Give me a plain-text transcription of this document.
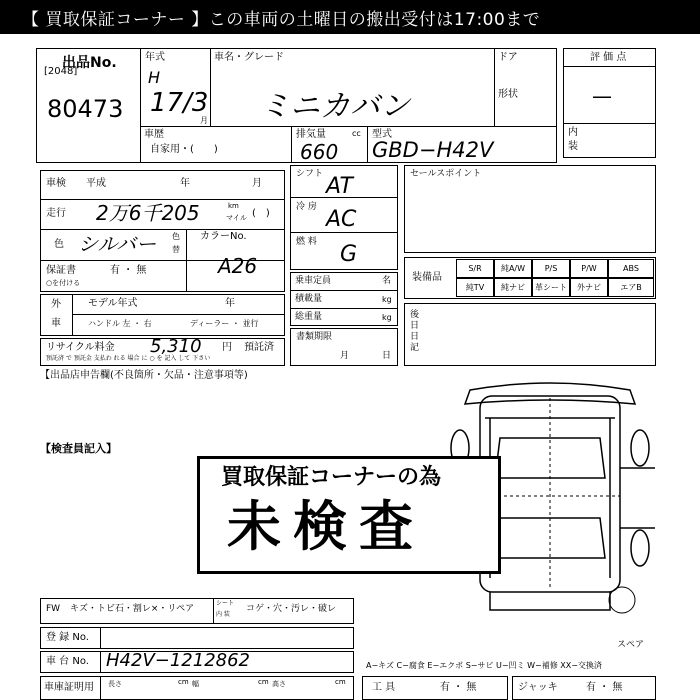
【 買取保証コーナー 】この車両の土曜日の搬出受付は17:00まで
出品No.
[2048]
80473
年式
H
17/3
月
車名・グレード
ミニカバン
ドア
形状
車歴
自家用・(　　)
排気量	cc
660
型式
GBD−H42V
評 価 点
—
内
装
車検 平成	年	月
走行 2万6千205	km
マイル (　)
色 シルバー 色
替
カラーNo.
A26
保証書	有 ・ 無
○を付ける
外
車
モデル年式	年
ハンドル 左 ・ 右	ディーラー ・ 並行
リサイクル料金 5,310 円 預託済
預託済 で 預託金 支払わ れる 場合 に ○ を 記入 して 下さい
【出品店申告欄(不良箇所・欠品・注意事項等)
シフト AT
冷 房 AC
燃 料 G
乗車定員	名
積載量	kg
総重量	kg
書類期限
月	日
セールスポイント
装備品
S/R	純A/W	P/S	P/W	ABS
純TV	純ナビ	革シート	外ナビ	エアB
後日日記
スペア
【検査員記入】
買取保証コーナーの為
未検査
FW キズ・トビ石・割レ×・リペア
シート
内 装
コゲ・穴・汚レ・破レ
登 録 No.
車 台 No. H42V−1212862
車庫証明用 長さ	cm 幅	cm 高さ	cm
A−キズ C−腐食 E−エクボ S−サビ U−凹ミ W−補修 XX−交換済
工 具	有 ・ 無	ジャッキ	有 ・ 無
